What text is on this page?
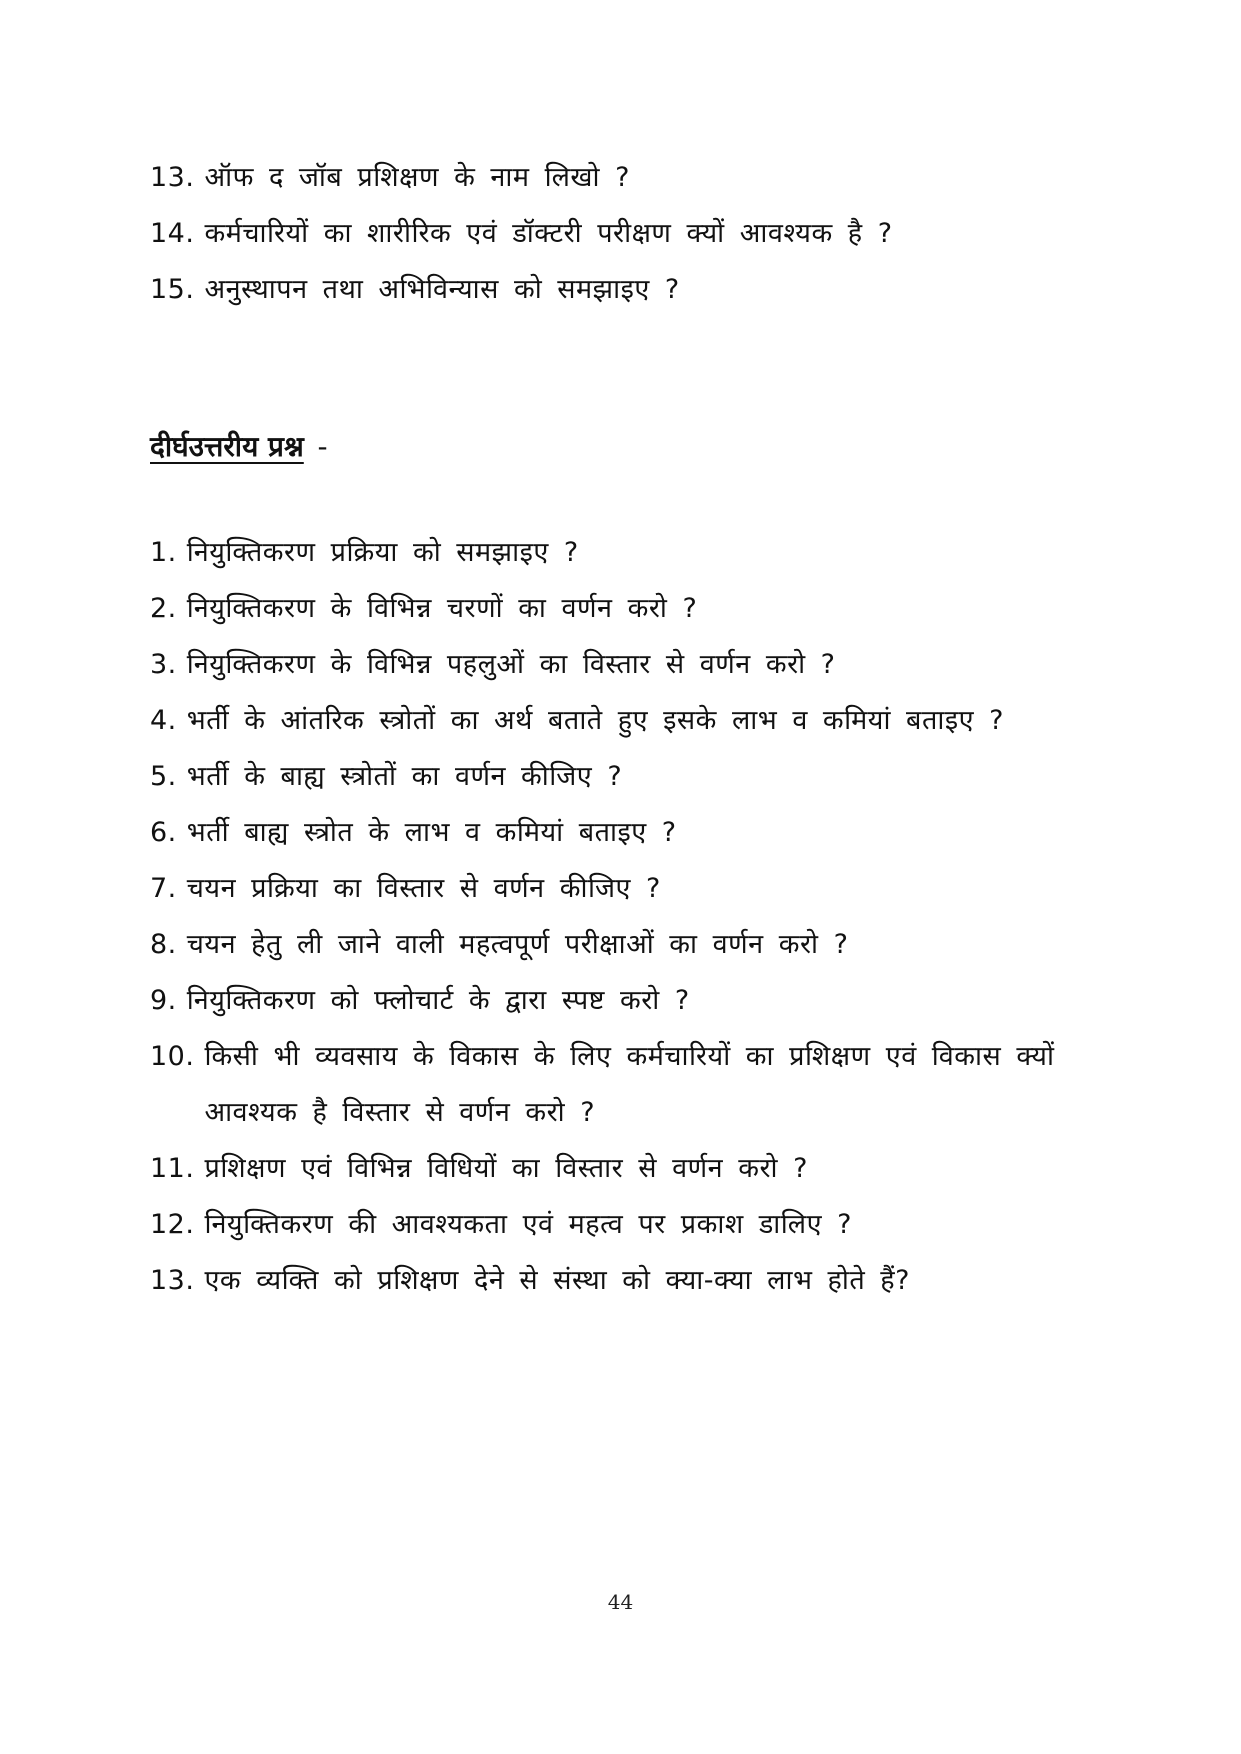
13. ऑफ द जॉब प्रशिक्षण के नाम लिखो ?
14. कर्मचारियों का शारीरिक एवं डॉक्टरी परीक्षण क्यों आवश्यक है ?
15. अनुस्थापन तथा अभिविन्यास को समझाइए ?
दीर्घउत्तरीय प्रश्न -
1. नियुक्तिकरण प्रक्रिया को समझाइए ?
2. नियुक्तिकरण के विभिन्न चरणों का वर्णन करो ?
3. नियुक्तिकरण के विभिन्न पहलुओं का विस्तार से वर्णन करो ?
4. भर्ती के आंतरिक स्त्रोतों का अर्थ बताते हुए इसके लाभ व कमियां बताइए ?
5. भर्ती के बाह्य स्त्रोतों का वर्णन कीजिए ?
6. भर्ती बाह्य स्त्रोत के लाभ व कमियां बताइए ?
7. चयन प्रक्रिया का विस्तार से वर्णन कीजिए ?
8. चयन हेतु ली जाने वाली महत्वपूर्ण परीक्षाओं का वर्णन करो ?
9. नियुक्तिकरण को फ्लोचार्ट के द्वारा स्पष्ट करो ?
10. किसी भी व्यवसाय के विकास के लिए कर्मचारियों का प्रशिक्षण एवं विकास क्यों आवश्यक है विस्तार से वर्णन करो ?
11. प्रशिक्षण एवं विभिन्न विधियों का विस्तार से वर्णन करो ?
12. नियुक्तिकरण की आवश्यकता एवं महत्व पर प्रकाश डालिए ?
13. एक व्यक्ति को प्रशिक्षण देने से संस्था को क्या-क्या लाभ होते हैं?
44
